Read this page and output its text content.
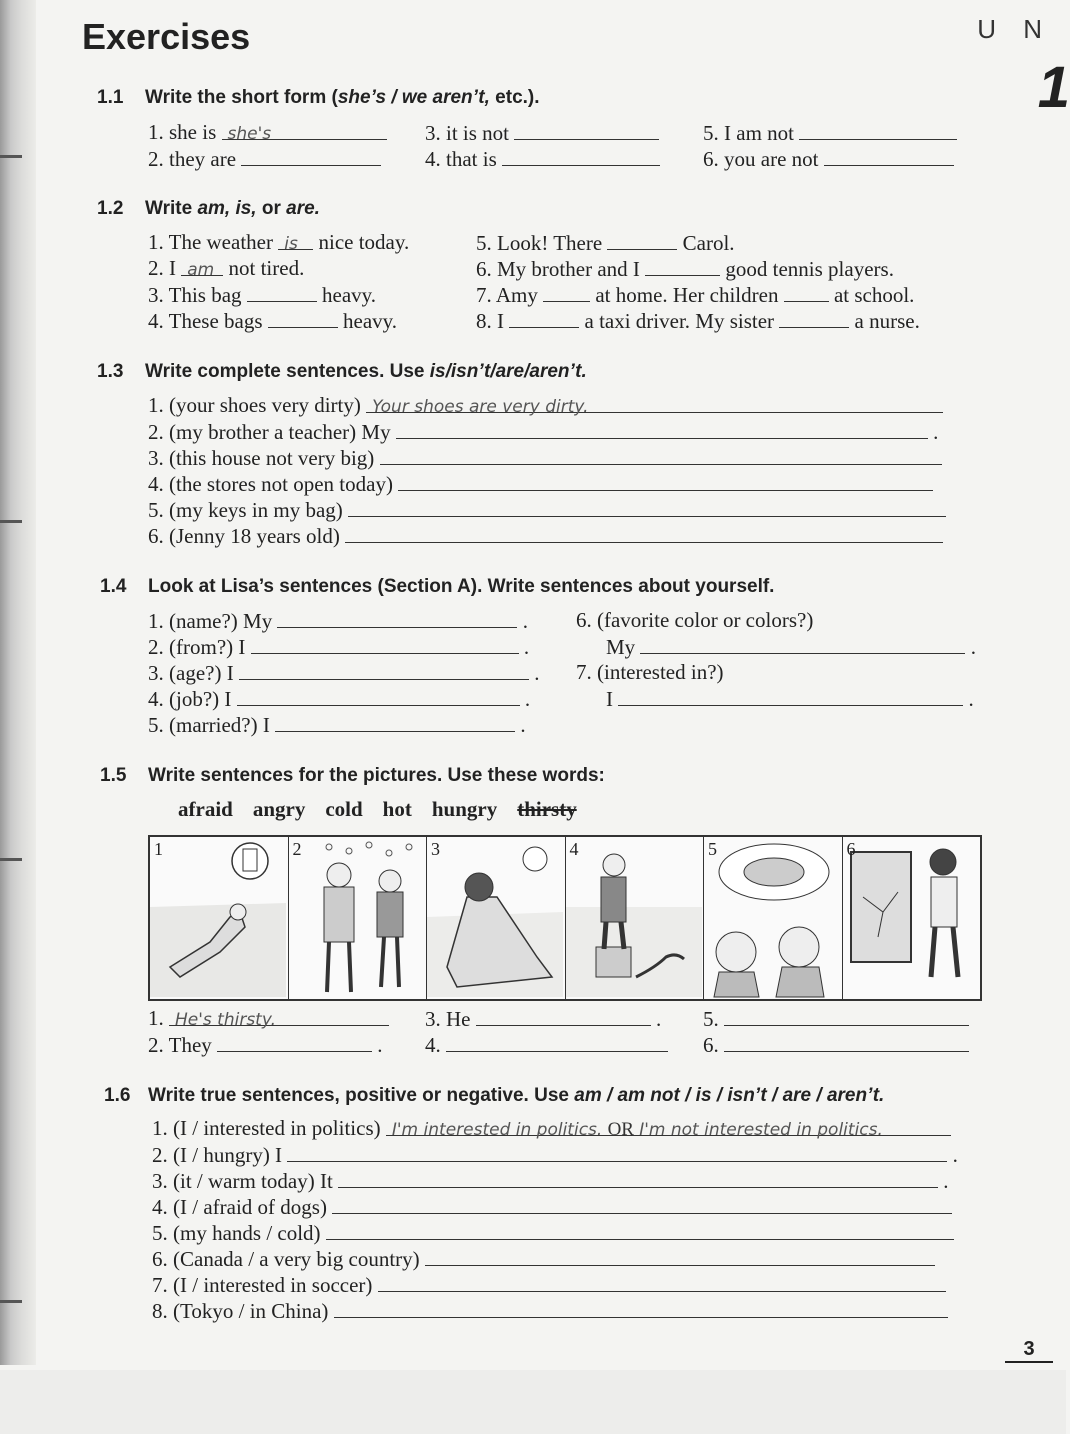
U N
1
Exercises
1.1 Write the short form (she’s / we aren’t, etc.).
1. she is she's
2. they are
3. it is not
4. that is
5. I am not
6. you are not
1.2 Write am, is, or are.
1. The weather is nice today.
2. I am not tired.
3. This bag	heavy.
4. These bags	heavy.
5. Look! There	Carol.
6. My brother and I	good tennis players.
7. Amy	at home. Her children	at school.
8. I	a taxi driver. My sister	a nurse.
1.3 Write complete sentences. Use is/isn’t/are/aren’t.
1. (your shoes very dirty) Your shoes are very dirty.
2. (my brother a teacher) My	.
3. (this house not very big)
4. (the stores not open today)
5. (my keys in my bag)
6. (Jenny 18 years old)
1.4 Look at Lisa’s sentences (Section A). Write sentences about yourself.
1. (name?) My	.
2. (from?) I	.
3. (age?) I	.
4. (job?) I	.
5. (married?) I	.
6. (favorite color or colors?)
My	.
7. (interested in?)
I	.
1.5 Write sentences for the pictures. Use these words:
afraid angry cold hot hungry thirsty
1	2	3	4	5	6
1. He's thirsty.
2. They	.
3. He	.
4.
5.
6.
1.6 Write true sentences, positive or negative. Use am / am not / is / isn’t / are / aren’t.
1. (I / interested in politics) I'm interested in politics. OR I'm not interested in politics.
2. (I / hungry) I	.
3. (it / warm today) It	.
4. (I / afraid of dogs)
5. (my hands / cold)
6. (Canada / a very big country)
7. (I / interested in soccer)
8. (Tokyo / in China)
3
